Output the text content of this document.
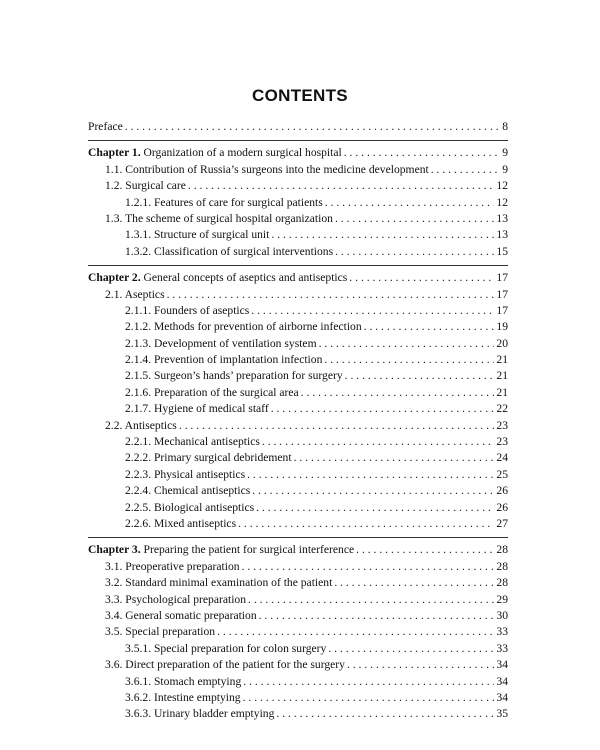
CONTENTS
Preface . . .	8
Chapter 1. Organization of a modern surgical hospital . . .	9
1.1. Contribution of Russia’s surgeons into the medicine development . . .	9
1.2. Surgical care . . .	12
1.2.1. Features of care for surgical patients . . .	12
1.3. The scheme of surgical hospital organization . . .	13
1.3.1. Structure of surgical unit . . .	13
1.3.2. Classification of surgical interventions . . .	15
Chapter 2. General concepts of aseptics and antiseptics . . .	17
2.1. Aseptics . . .	17
2.1.1. Founders of aseptics . . .	17
2.1.2. Methods for prevention of airborne infection . . .	19
2.1.3. Development of ventilation system . . .	20
2.1.4. Prevention of implantation infection . . .	21
2.1.5. Surgeon’s hands’ preparation for surgery . . .	21
2.1.6. Preparation of the surgical area . . .	21
2.1.7. Hygiene of medical staff . . .	22
2.2. Antiseptics . . .	23
2.2.1. Mechanical antiseptics . . .	23
2.2.2. Primary surgical debridement . . .	24
2.2.3. Physical antiseptics . . .	25
2.2.4. Chemical antiseptics . . .	26
2.2.5. Biological antiseptics . . .	26
2.2.6. Mixed antiseptics . . .	27
Chapter 3. Preparing the patient for surgical interference . . .	28
3.1. Preoperative preparation . . .	28
3.2. Standard minimal examination of the patient . . .	28
3.3. Psychological preparation . . .	29
3.4. General somatic preparation . . .	30
3.5. Special preparation . . .	33
3.5.1. Special preparation for colon surgery . . .	33
3.6. Direct preparation of the patient for the surgery . . .	34
3.6.1. Stomach emptying . . .	34
3.6.2. Intestine emptying . . .	34
3.6.3. Urinary bladder emptying . . .	35
